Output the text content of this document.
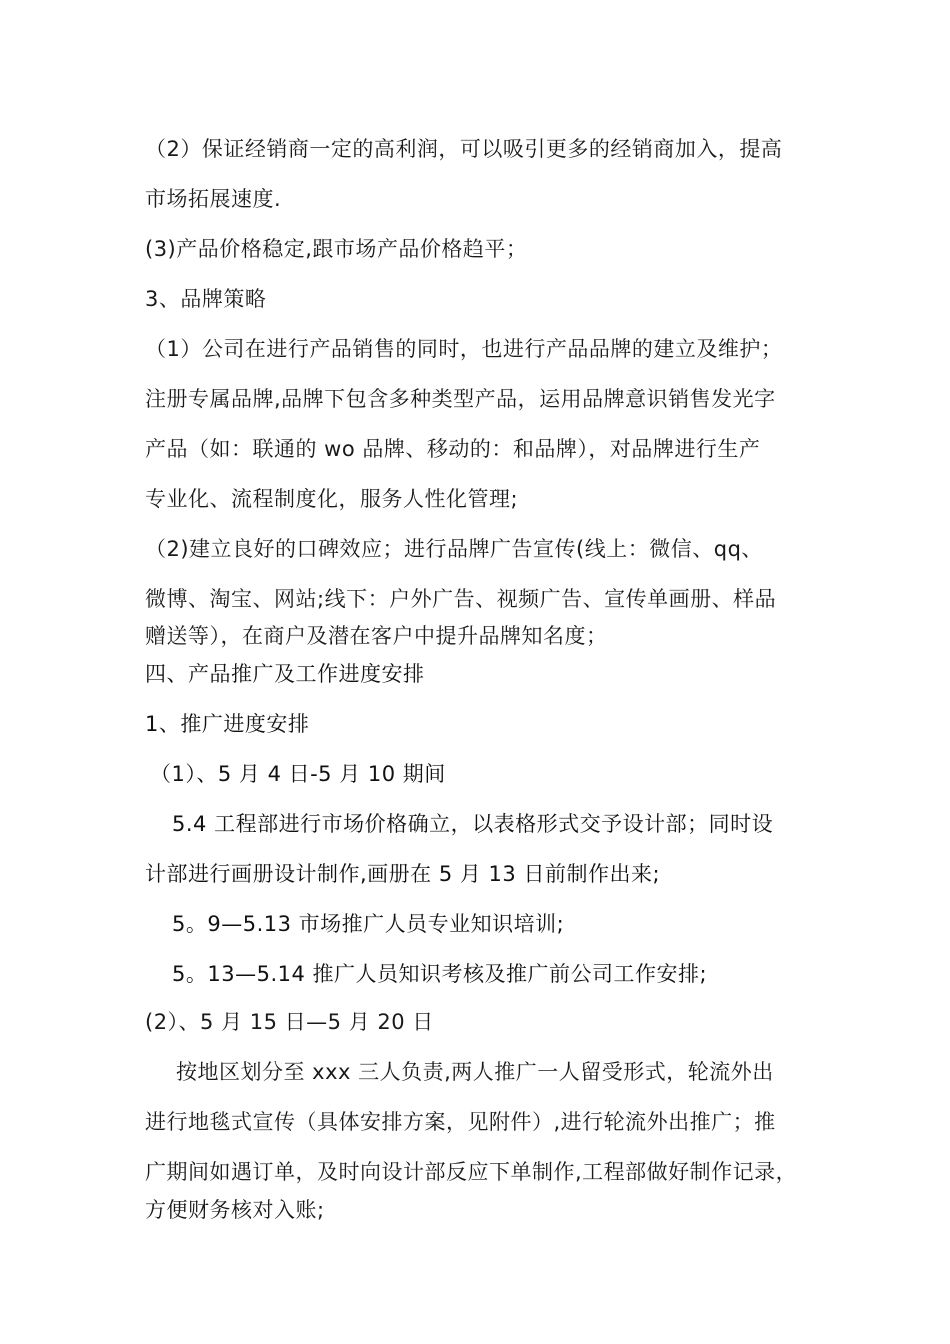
（2）保证经销商一定的高利润，可以吸引更多的经销商加入，提高
市场拓展速度.
(3)产品价格稳定,跟市场产品价格趋平；
3、品牌策略
（1）公司在进行产品销售的同时，也进行产品品牌的建立及维护；
注册专属品牌,品牌下包含多种类型产品，运用品牌意识销售发光字
产品（如：联通的 wo 品牌、移动的：和品牌），对品牌进行生产
专业化、流程制度化，服务人性化管理;
（2)建立良好的口碑效应；进行品牌广告宣传(线上：微信、qq、
微博、淘宝、网站;线下：户外广告、视频广告、宣传单画册、样品
赠送等），在商户及潜在客户中提升品牌知名度；
四、产品推广及工作进度安排
1、推广进度安排
（1）、5 月 4 日-5 月 10 期间
5.4 工程部进行市场价格确立，以表格形式交予设计部；同时设
计部进行画册设计制作,画册在 5 月 13 日前制作出来;
5。9—5.13 市场推广人员专业知识培训;
5。13—5.14 推广人员知识考核及推广前公司工作安排;
(2）、5 月 15 日—5 月 20 日
按地区划分至 xxx 三人负责,两人推广一人留受形式，轮流外出
进行地毯式宣传（具体安排方案，见附件）,进行轮流外出推广；推
广期间如遇订单，及时向设计部反应下单制作,工程部做好制作记录，
方便财务核对入账;
